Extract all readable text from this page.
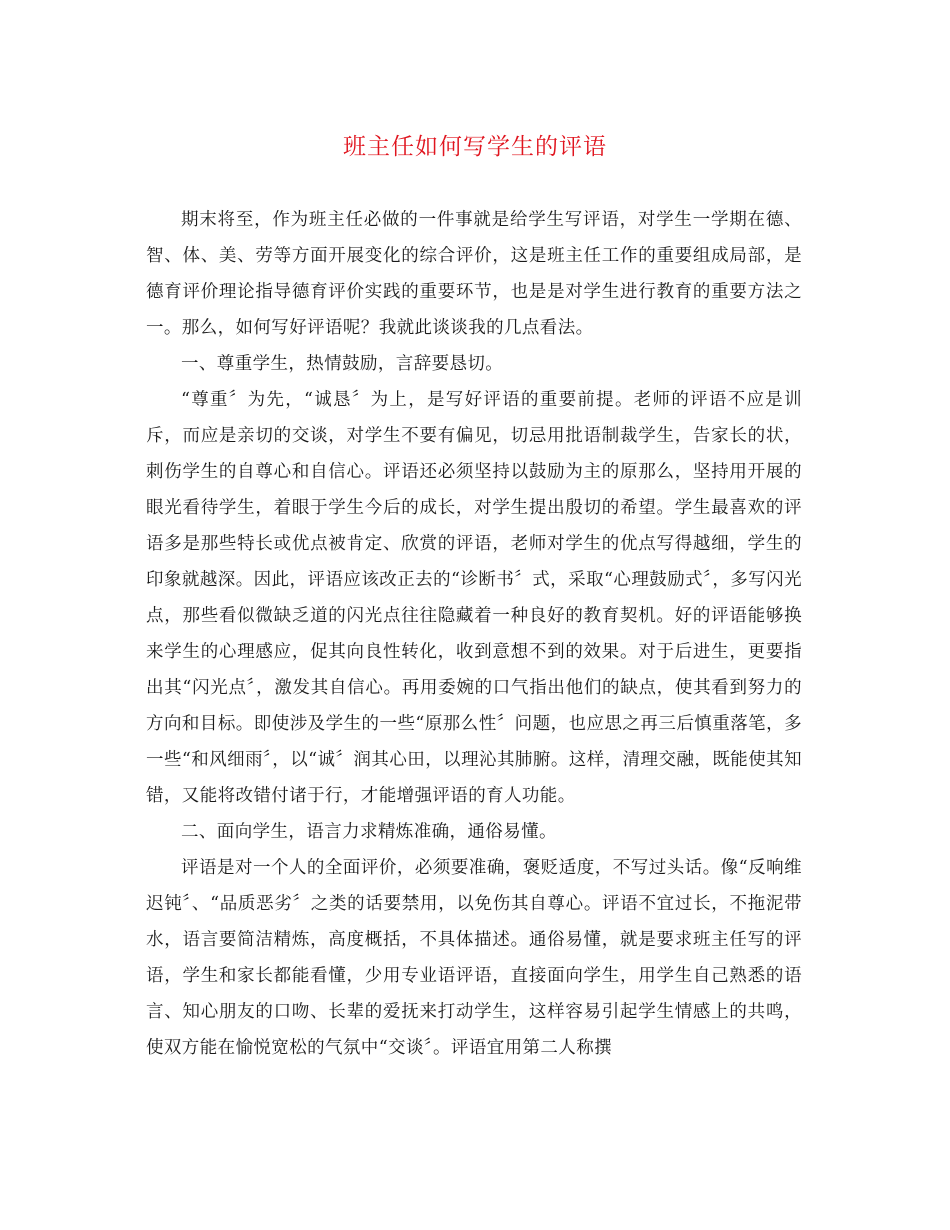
班主任如何写学生的评语

期末将至，作为班主任必做的一件事就是给学生写评语，对学生一学期在德、智、体、美、劳等方面开展变化的综合评价，这是班主任工作的重要组成局部，是德育评价理论指导德育评价实践的重要环节，也是是对学生进行教育的重要方法之一。那么，如何写好评语呢？我就此谈谈我的几点看法。

一、尊重学生，热情鼓励，言辞要恳切。

“尊重〞为先，“诚恳〞为上，是写好评语的重要前提。老师的评语不应是训斥，而应是亲切的交谈，对学生不要有偏见，切忌用批语制裁学生，告家长的状，刺伤学生的自尊心和自信心。评语还必须坚持以鼓励为主的原那么，坚持用开展的眼光看待学生，着眼于学生今后的成长，对学生提出殷切的希望。学生最喜欢的评语多是那些特长或优点被肯定、欣赏的评语，老师对学生的优点写得越细，学生的印象就越深。因此，评语应该改正去的“诊断书〞式，采取“心理鼓励式〞，多写闪光点，那些看似微缺乏道的闪光点往往隐藏着一种良好的教育契机。好的评语能够换来学生的心理感应，促其向良性转化，收到意想不到的效果。对于后进生，更要指出其“闪光点〞，激发其自信心。再用委婉的口气指出他们的缺点，使其看到努力的方向和目标。即使涉及学生的一些“原那么性〞问题，也应思之再三后慎重落笔，多一些“和风细雨〞，以“诚〞润其心田，以理沁其肺腑。这样，清理交融，既能使其知错，又能将改错付诸于行，才能增强评语的育人功能。

二、面向学生，语言力求精炼准确，通俗易懂。

评语是对一个人的全面评价，必须要准确，褒贬适度，不写过头话。像“反响维迟钝〞、“品质恶劣〞之类的话要禁用，以免伤其自尊心。评语不宜过长，不拖泥带水，语言要简洁精炼，高度概括，不具体描述。通俗易懂，就是要求班主任写的评语，学生和家长都能看懂，少用专业语评语，直接面向学生，用学生自己熟悉的语言、知心朋友的口吻、长辈的爱抚来打动学生，这样容易引起学生情感上的共鸣，使双方能在愉悦宽松的气氛中“交谈〞。评语宜用第二人称撰
